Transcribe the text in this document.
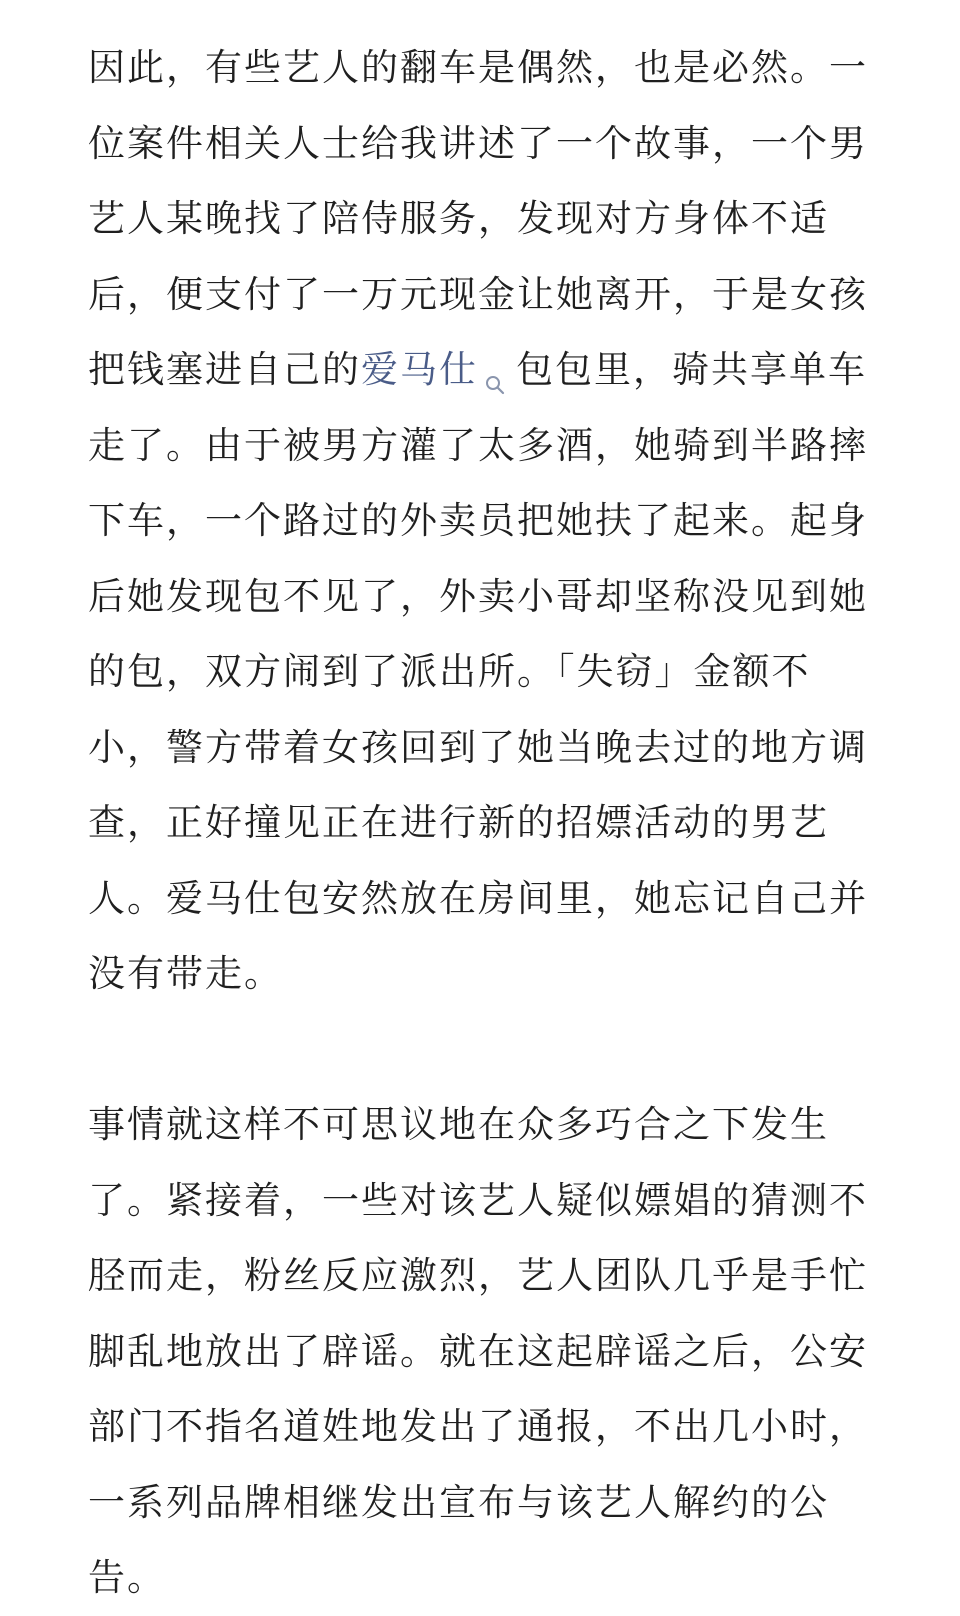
因此，有些艺人的翻车是偶然，也是必然。一
位案件相关人士给我讲述了一个故事，一个男
艺人某晚找了陪侍服务，发现对方身体不适
后，便支付了一万元现金让她离开，于是女孩
把钱塞进自己的爱马仕 包包里，骑共享单车
走了。由于被男方灌了太多酒，她骑到半路摔
下车，一个路过的外卖员把她扶了起来。起身
后她发现包不见了，外卖小哥却坚称没见到她
的包，双方闹到了派出所。「失窃」金额不
小，警方带着女孩回到了她当晚去过的地方调
查，正好撞见正在进行新的招嫖活动的男艺
人。爱马仕包安然放在房间里，她忘记自己并
没有带走。
事情就这样不可思议地在众多巧合之下发生
了。紧接着，一些对该艺人疑似嫖娼的猜测不
胫而走，粉丝反应激烈，艺人团队几乎是手忙
脚乱地放出了辟谣。就在这起辟谣之后，公安
部门不指名道姓地发出了通报，不出几小时，
一系列品牌相继发出宣布与该艺人解约的公
告。
